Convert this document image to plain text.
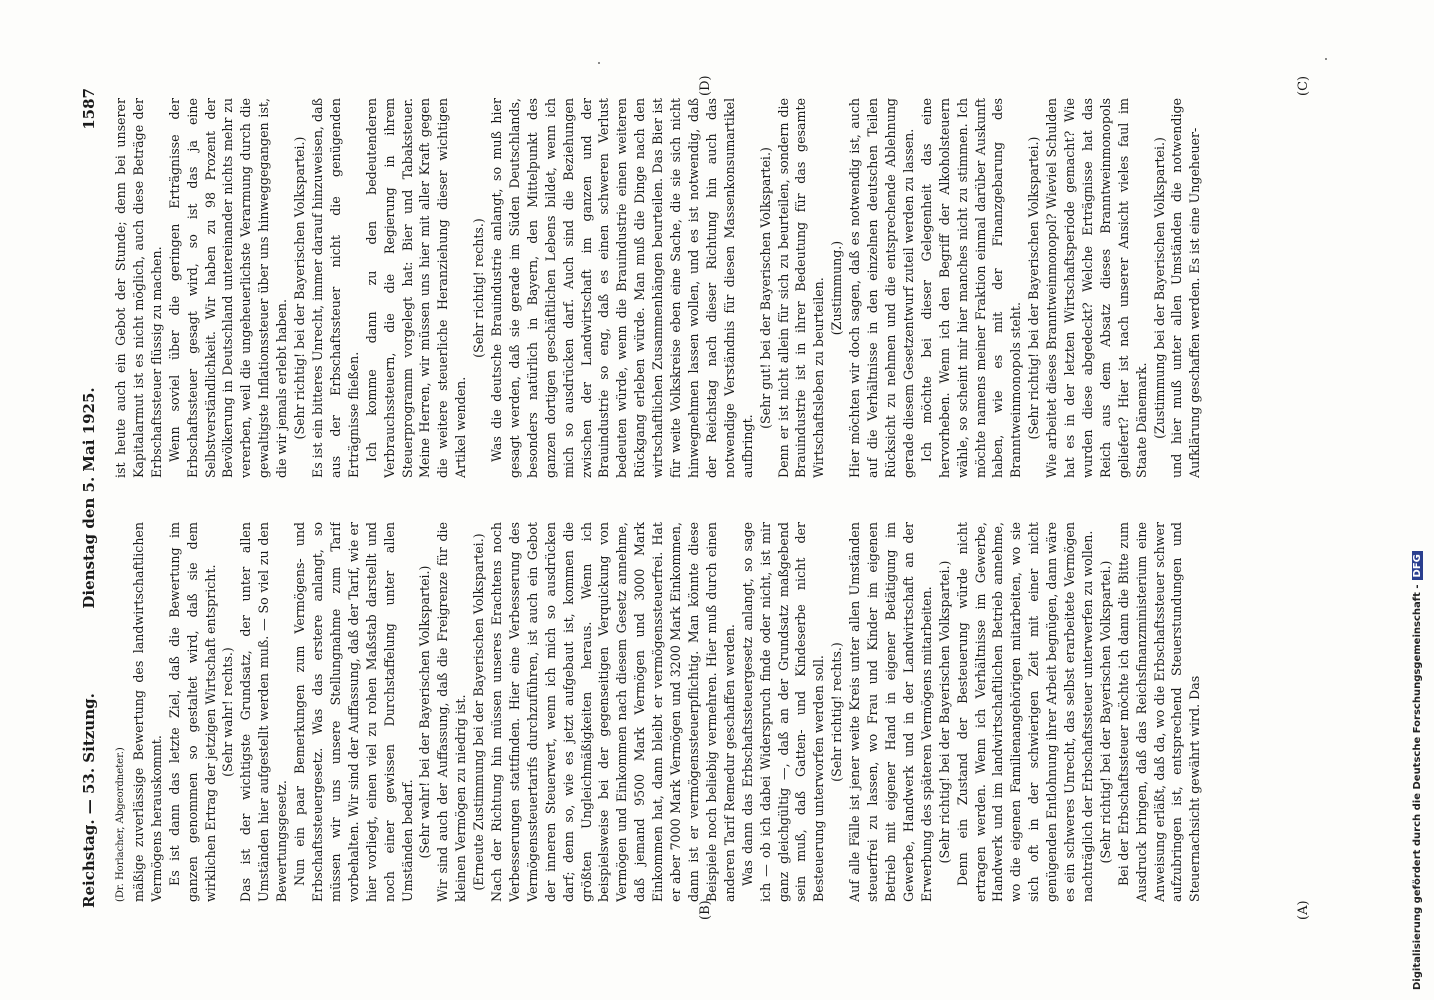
Reichstag. — 53. Sitzung.
Dienstag den 5. Mai 1925.
1587

(Dr. Horlacher, Abgeordneter.) mäßige zuverlässige Bewertung des landwirtschaftlichen Vermögens herauskommt. Es ist dann das letzte Ziel, daß die Bewertung im ganzen genommen so gestaltet wird, daß sie dem wirklichen Ertrag der jetzigen Wirtschaft entspricht. (Sehr wahr! rechts.) Das ist der wichtigste Grundsatz, der unter allen Umständen hier aufgestellt werden muß. — So viel zu den Bewertungsgesetz. Nun ein paar Bemerkungen zum Vermögens- und Erbschaftssteuergesetz. Was das erstere anlangt, so müssen wir uns unsere Stellungnahme zum Tarif vorbehalten. Wir sind der Auffassung, daß der Tarif, wie er hier vorliegt, einen viel zu rohen Maßstab darstellt und noch einer gewissen Durchstaffelung unter allen Umständen bedarf. (Sehr wahr! bei der Bayerischen Volkspartei.) Wir sind auch der Auffassung, daß die Freigrenze für die kleinen Vermögen zu niedrig ist. (Erneute Zustimmung bei der Bayerischen Volkspartei.) Nach der Richtung hin müssen unseres Erachtens noch Verbesserungen stattfinden. Hier eine Verbesserung des Vermögenssteuertarifs durchzuführen, ist auch ein Gebot der inneren Steuerwert, wenn ich mich so ausdrücken darf; denn so, wie es jetzt aufgebaut ist, kommen die größten Ungleichmäßigkeiten heraus. Wenn ich beispielsweise bei der gegenseitigen Verquickung von Vermögen und Einkommen nach diesem Gesetz annehme, daß jemand 9500 Mark Vermögen und 3000 Mark Einkommen hat, dann bleibt er vermögenssteuerfrei. Hat er aber 7000 Mark Vermögen und 3200 Mark Einkommen, dann ist er vermögenssteuerpflichtig. Man könnte diese Beispiele noch beliebig vermehren. Hier muß durch einen anderen Tarif Remedur geschaffen werden. Was dann das Erbschaftssteuergesetz anlangt, so sage ich — ob ich dabei Widerspruch finde oder nicht, ist mir ganz gleichgültig —, daß an der Grundsatz maßgebend sein muß, daß Gatten- und Kindeserbe nicht der Besteuerung unterworfen werden soll. (Sehr richtig! rechts.) Auf alle Fälle ist jener weite Kreis unter allen Umständen steuerfrei zu lassen, wo Frau und Kinder im eigenen Betrieb mit eigener Hand in eigener Betätigung im Gewerbe, Handwerk und in der Landwirtschaft an der Erwerbung des späteren Vermögens mitarbeiten. (Sehr richtig! bei der Bayerischen Volkspartei.) Denn ein Zustand der Besteuerung würde nicht ertragen werden. Wenn ich Verhältnisse im Gewerbe, Handwerk und im landwirtschaftlichen Betrieb annehme, wo die eigenen Familienangehörigen mitarbeiten, wo sie sich oft in der schwierigen Zeit mit einer nicht genügenden Entlohnung ihrer Arbeit begnügen, dann wäre es ein schweres Unrecht, das selbst erarbeitete Vermögen nachträglich der Erbschaftssteuer unterwerfen zu wollen. (Sehr richtig! bei der Bayerischen Volkspartei.) Bei der Erbschaftssteuer möchte ich dann die Bitte zum Ausdruck bringen, daß das Reichsfinanzministerium eine Anweisung erläßt, daß da, wo die Erbschaftssteuer schwer aufzubringen ist, entsprechend Steuerstundungen und Steuernachsicht gewährt wird. Das

ist heute auch ein Gebot der Stunde; denn bei unserer Kapitalarmut ist es nicht möglich, auch diese Beträge der Erbschaftssteuer flüssig zu machen. Wenn soviel über die geringen Erträgnisse der Erbschaftssteuer gesagt wird, so ist das ja eine Selbstverständlichkeit. Wir haben zu 98 Prozent der Bevölkerung in Deutschland untereinander nichts mehr zu vererben, weil die ungeheuerlichste Verarmung durch die gewaltigste Inflationssteuer über uns hinweggegangen ist, die wir jemals erlebt haben. (Sehr richtig! bei der Bayerischen Volkspartei.) Es ist ein bitteres Unrecht, immer darauf hinzuweisen, daß aus der Erbschaftssteuer nicht die genügenden Erträgnisse fließen. Ich komme dann zu den bedeutenderen Verbrauchssteuern, die die Regierung in ihrem Steuerprogramm vorgelegt hat: Bier und Tabaksteuer. Meine Herren, wir müssen uns hier mit aller Kraft gegen die weitere steuerliche Heranziehung dieser wichtigen Artikel wenden.

(Sehr richtig! rechts.) Was die deutsche Brauindustrie anlangt, so muß hier gesagt werden, daß sie gerade im Süden Deutschlands, besonders natürlich in Bayern, den Mittelpunkt des ganzen dortigen geschäftlichen Lebens bildet, wenn ich mich so ausdrücken darf. Auch sind die Beziehungen zwischen der Landwirtschaft im ganzen und der Brauindustrie so eng, daß es einen schweren Verlust bedeuten würde, wenn die Brauindustrie einen weiteren Rückgang erleben würde. Man muß die Dinge nach den wirtschaftlichen Zusammenhängen beurteilen. Das Bier ist für weite Volkskreise eben eine Sache, die sie sich nicht hinwegnehmen lassen wollen, und es ist notwendig, daß der Reichstag nach dieser Richtung hin auch das notwendige Verständnis für diesen Massenkonsumartikel aufbringt.

(Sehr gut! bei der Bayerischen Volkspartei.) Denn er ist nicht allein für sich zu beurteilen, sondern die Brauindustrie ist in ihrer Bedeutung für das gesamte Wirtschaftsleben zu beurteilen. (Zustimmung.) Hier möchten wir doch sagen, daß es notwendig ist, auch auf die Verhältnisse in den einzelnen deutschen Teilen Rücksicht zu nehmen und die entsprechende Ablehnung gerade diesem Gesetzentwurf zuteil werden zu lassen. Ich möchte bei dieser Gelegenheit das eine hervorheben. Wenn ich den Begriff der Alkoholsteuern wähle, so scheint mir hier manches nicht zu stimmen. Ich möchte namens meiner Fraktion einmal darüber Auskunft haben, wie es mit der Finanzgebarung des Branntweinmonopols steht. (Sehr richtig! bei der Bayerischen Volkspartei.) Wie arbeitet dieses Branntweinmonopol? Wieviel Schulden hat es in der letzten Wirtschaftsperiode gemacht? Wie wurden diese abgedeckt? Welche Erträgnisse hat das Reich aus dem Absatz dieses Branntweinmonopols geliefert? Hier ist nach unserer Ansicht vieles faul im Staate Dänemark. (Zustimmung bei der Bayerischen Volkspartei.) und hier muß unter allen Umständen die notwendige Aufklärung geschaffen werden. Es ist eine Ungeheuer-

(A)
(B)
(C)
(D)
Digitalisierung gefördert durch die Deutsche Forschungsgemeinschaft -DFG
